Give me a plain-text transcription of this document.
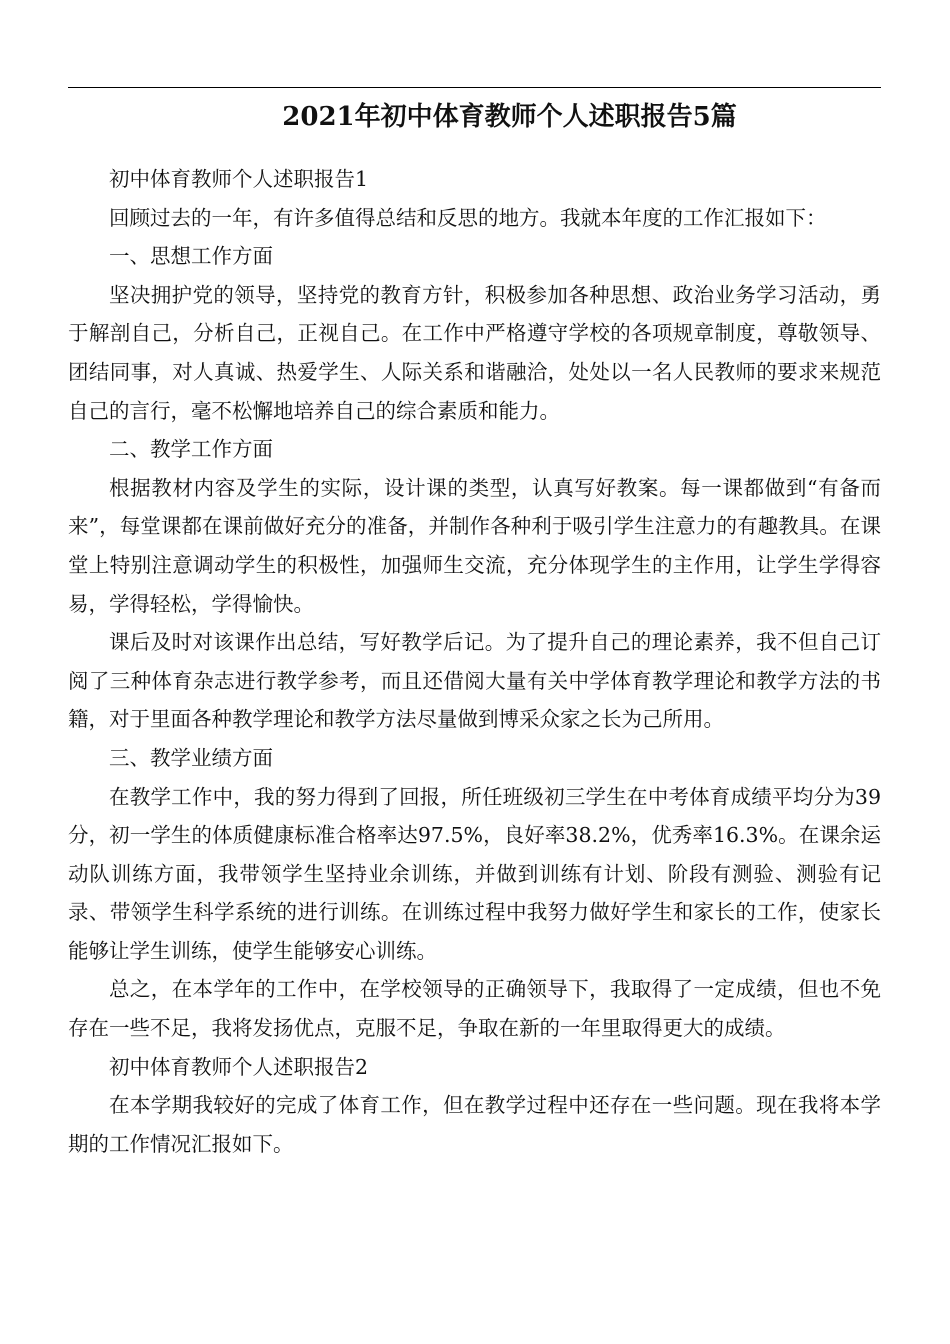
2021年初中体育教师个人述职报告5篇

初中体育教师个人述职报告1

回顾过去的一年，有许多值得总结和反思的地方。我就本年度的工作汇报如下：

一、思想工作方面

坚决拥护党的领导，坚持党的教育方针，积极参加各种思想、政治业务学习活动，勇于解剖自己，分析自己，正视自己。在工作中严格遵守学校的各项规章制度，尊敬领导、团结同事，对人真诚、热爱学生、人际关系和谐融洽，处处以一名人民教师的要求来规范自己的言行，毫不松懈地培养自己的综合素质和能力。

二、教学工作方面

根据教材内容及学生的实际，设计课的类型，认真写好教案。每一课都做到“有备而来”，每堂课都在课前做好充分的准备，并制作各种利于吸引学生注意力的有趣教具。在课堂上特别注意调动学生的积极性，加强师生交流，充分体现学生的主作用，让学生学得容易，学得轻松，学得愉快。

课后及时对该课作出总结，写好教学后记。为了提升自己的理论素养，我不但自己订阅了三种体育杂志进行教学参考，而且还借阅大量有关中学体育教学理论和教学方法的书籍，对于里面各种教学理论和教学方法尽量做到博采众家之长为己所用。

三、教学业绩方面

在教学工作中，我的努力得到了回报，所任班级初三学生在中考体育成绩平均分为39分，初一学生的体质健康标准合格率达97.5%，良好率38.2%，优秀率16.3%。在课余运动队训练方面，我带领学生坚持业余训练，并做到训练有计划、阶段有测验、测验有记录、带领学生科学系统的进行训练。在训练过程中我努力做好学生和家长的工作，使家长能够让学生训练，使学生能够安心训练。

总之，在本学年的工作中，在学校领导的正确领导下，我取得了一定成绩，但也不免存在一些不足，我将发扬优点，克服不足，争取在新的一年里取得更大的成绩。

初中体育教师个人述职报告2

在本学期我较好的完成了体育工作，但在教学过程中还存在一些问题。现在我将本学期的工作情况汇报如下。
